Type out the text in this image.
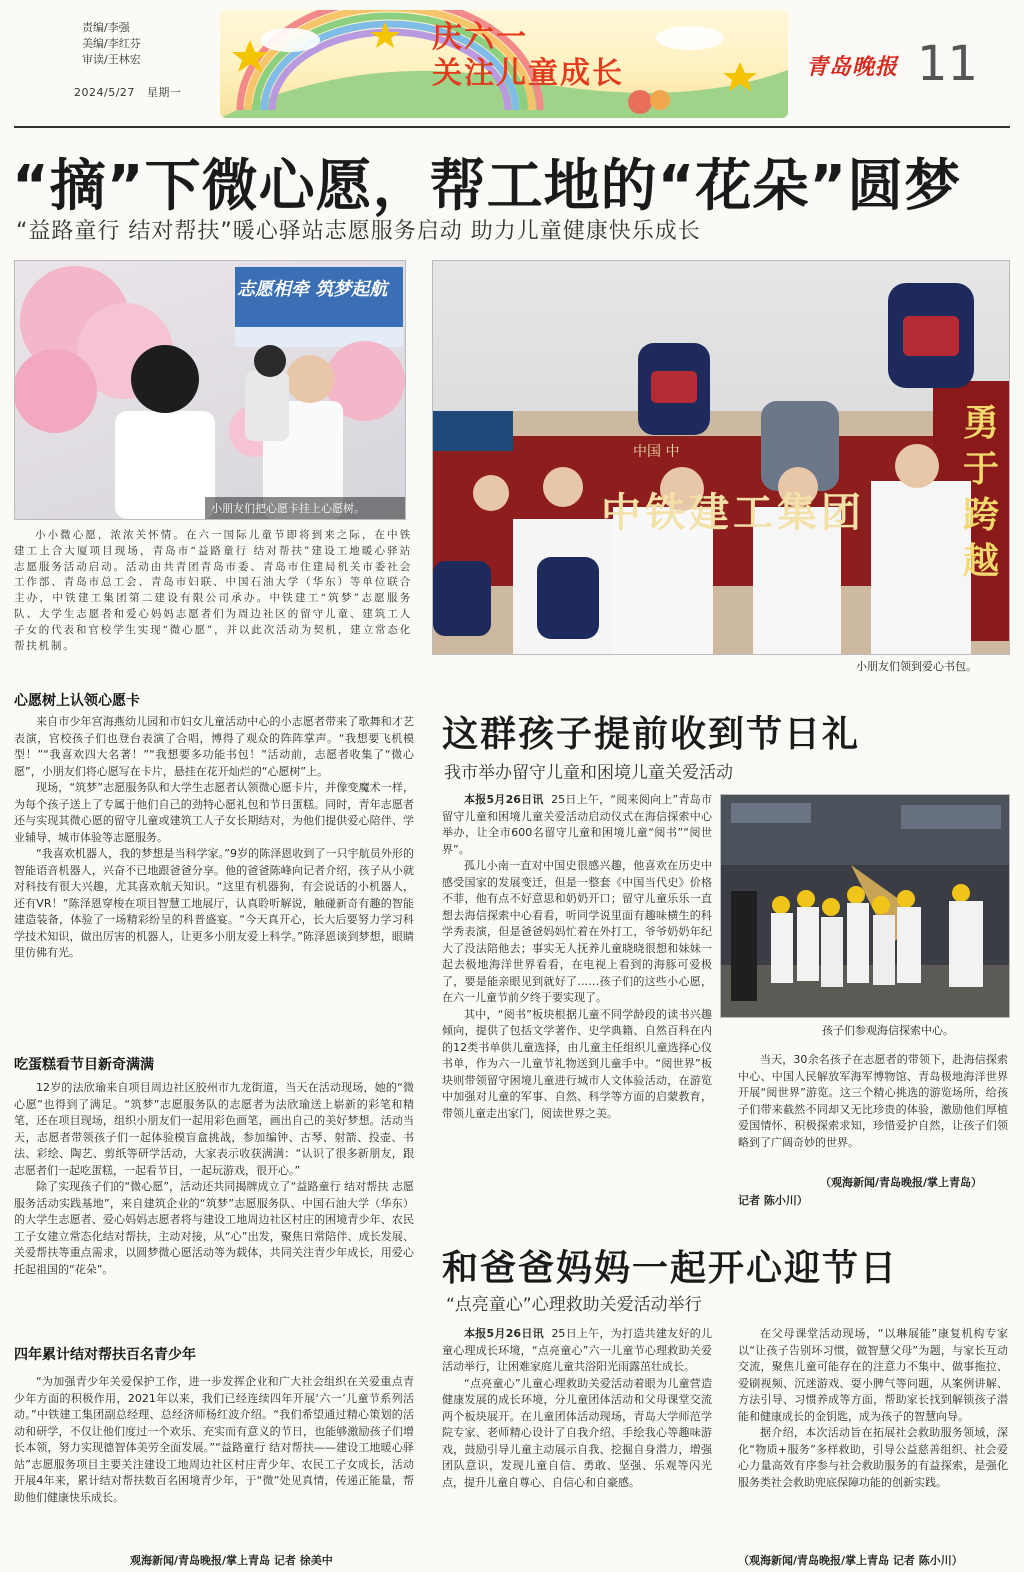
责编/李强
美编/李红芬
审读/王林宏
2024/5/27 星期一
庆六一
关注儿童成长	青岛晚报 11
“摘”下微心愿，帮工地的“花朵”圆梦
“益路童行 结对帮扶”暖心驿站志愿服务启动 助力儿童健康快乐成长
志愿相牵 筑梦起航
小朋友们把心愿卡挂上心愿树。	中铁建工集团
勇于跨越
中国 中
小朋友们领到爱心书包。

小小微心愿，浓浓关怀情。在六一国际儿童节即将到来之际，在中铁建工上合大厦项目现场，青岛市“益路童行 结对帮扶”建设工地暖心驿站志愿服务活动启动。活动由共青团青岛市委、青岛市住建局机关市委社会工作部、青岛市总工会、青岛市妇联、中国石油大学（华东）等单位联合主办，中铁建工集团第二建设有限公司承办。中铁建工“筑梦”志愿服务队、大学生志愿者和爱心妈妈志愿者们为周边社区的留守儿童、建筑工人子女的代表和官校学生实现“微心愿”，并以此次活动为契机，建立常态化帮扶机制。

心愿树上认领心愿卡

来自市少年宫海燕幼儿园和市妇女儿童活动中心的小志愿者带来了歌舞和才艺表演，官校孩子们也登台表演了合唱，博得了观众的阵阵掌声。“我想要飞机模型！”“我喜欢四大名著！”“我想要多功能书包！”活动前，志愿者收集了“微心愿”，小朋友们将心愿写在卡片，悬挂在花开灿烂的“心愿树”上。

现场，“筑梦”志愿服务队和大学生志愿者认领微心愿卡片，并像变魔术一样，为每个孩子送上了专属于他们自己的劲特心愿礼包和节日蛋糕。同时，青年志愿者还与实现其微心愿的留守儿童或建筑工人子女长期结对，为他们提供爱心陪伴、学业辅导、城市体验等志愿服务。

“我喜欢机器人，我的梦想是当科学家。”9岁的陈泽恩收到了一只宇航员外形的智能语音机器人，兴奋不已地跟爸爸分享。他的爸爸陈峰向记者介绍，孩子从小就对科技有很大兴趣，尤其喜欢航天知识。“这里有机器狗，有会说话的小机器人，还有VR！”陈泽恩穿梭在项目智慧工地展厅，认真聆听解说，触碰新奇有趣的智能建造装备，体验了一场精彩纷呈的科普盛宴。“今天真开心，长大后要努力学习科学技术知识，做出厉害的机器人，让更多小朋友爱上科学。”陈泽恩谈到梦想，眼睛里仿佛有光。

吃蛋糕看节目新奇满满

12岁的法欣瑜来自项目周边社区胶州市九龙街道，当天在活动现场，她的“微心愿”也得到了满足。“筑梦”志愿服务队的志愿者为法欣瑜送上崭新的彩笔和精笔，还在项目现场，组织小朋友们一起用彩色画笔，画出自己的美好梦想。活动当天，志愿者带领孩子们一起体验模盲盒挑战，参加编钟、古琴、射箭、投壶、书法、彩绘、陶艺、剪纸等研学活动，大家表示收获满满：“认识了很多新朋友，跟志愿者们一起吃蛋糕，一起看节目，一起玩游戏，很开心。”

除了实现孩子们的“微心愿”，活动还共同揭牌成立了“益路童行 结对帮扶 志愿服务活动实践基地”，来自建筑企业的“筑梦”志愿服务队、中国石油大学（华东）的大学生志愿者、爱心妈妈志愿者将与建设工地周边社区村庄的困境青少年、农民工子女建立常态化结对帮扶，主动对接，从“心”出发，聚焦日常陪伴、成长发展、关爱帮扶等重点需求，以圆梦微心愿活动等为载体，共同关注青少年成长，用爱心托起祖国的“花朵”。

四年累计结对帮扶百名青少年

“为加强青少年关爱保护工作，进一步发挥企业和广大社会组织在关爱重点青少年方面的积极作用，2021年以来，我们已经连续四年开展‘六一’儿童节系列活动。”中铁建工集团副总经理、总经济师杨红波介绍。“我们希望通过精心策划的活动和研学，不仅让他们度过一个欢乐、充实而有意义的节日，也能够激励孩子们增长本领，努力实现德智体美劳全面发展。”“益路童行 结对帮扶——建设工地暖心驿站”志愿服务项目主要关注建设工地周边社区村庄青少年、农民工子女成长，活动开展4年来，累计结对帮扶数百名困境青少年，于“微”处见真情，传递正能量，帮助他们健康快乐成长。

观海新闻/青岛晚报/掌上青岛 记者 徐美中
这群孩子提前收到节日礼
我市举办留守儿童和困境儿童关爱活动

本报5月26日讯 25日上午，“阅来阅向上”青岛市留守儿童和困境儿童关爱活动启动仪式在海信探索中心举办，让全市600名留守儿童和困境儿童“阅书”“阅世界”。

孤儿小南一直对中国史很感兴趣，他喜欢在历史中感受国家的发展变迁，但是一整套《中国当代史》价格不菲，他有点不好意思和奶奶开口；留守儿童乐乐一直想去海信探索中心看看，听同学说里面有趣味横生的科学秀表演，但是爸爸妈妈忙着在外打工，爷爷奶奶年纪大了没法陪他去；事实无人抚养儿童晓晓很想和妹妹一起去极地海洋世界看看，在电视上看到的海豚可爱极了，要是能亲眼见到就好了……孩子们的这些小心愿，在六一儿童节前夕终于要实现了。

其中，“阅书”板块根据儿童不同学龄段的读书兴趣倾向，提供了包括文学著作、史学典籍、自然百科在内的12类书单供儿童选择，由儿童主任组织儿童选择心仪书单，作为六一儿童节礼物送到儿童手中。“阅世界”板块则带领留守困境儿童进行城市人文体验活动，在游览中加强对儿童的军事、自然、科学等方面的启蒙教育，带领儿童走出家门，阅读世界之美。

孩子们参观海信探索中心。

当天，30余名孩子在志愿者的带领下，赴海信探索中心、中国人民解放军海军博物馆、青岛极地海洋世界开展“阅世界”游览。这三个精心挑选的游览场所，给孩子们带来截然不同却又无比珍贵的体验，激励他们厚植爱国情怀、积极探索求知，珍惜爱护自然，让孩子们领略到了广阔奇妙的世界。

（观海新闻/青岛晚报/掌上青岛）
记者 陈小川）
和爸爸妈妈一起开心迎节日
“点亮童心”心理救助关爱活动举行

本报5月26日讯 25日上午，为打造共建友好的儿童心理成长环境，“点亮童心”六一儿童节心理救助关爱活动举行，让困难家庭儿童共浴阳光雨露茁壮成长。

“点亮童心”儿童心理救助关爱活动着眼为儿童营造健康发展的成长环境，分儿童团体活动和父母课堂交流两个板块展开。在儿童团体活动现场，青岛大学师范学院专家、老师精心设计了自我介绍、手绘我心等趣味游戏，鼓励引导儿童主动展示自我、挖掘自身潜力，增强团队意识，发现儿童自信、勇敢、坚强、乐观等闪光点，提升儿童自尊心、自信心和自豪感。

在父母课堂活动现场，“以琳展能”康复机构专家以“让孩子告别坏习惯，做智慧父母”为题，与家长互动交流，聚焦儿童可能存在的注意力不集中、做事拖拉、爱刷视频、沉迷游戏、耍小脾气等问题，从案例讲解、方法引导、习惯养成等方面，帮助家长找到解锁孩子潜能和健康成长的金钥匙，成为孩子的智慧向导。

据介绍，本次活动旨在拓展社会救助服务领域，深化“物质+服务”多样救助，引导公益慈善组织、社会爱心力量高效有序参与社会救助服务的有益探索，是强化服务类社会救助兜底保障功能的创新实践。

（观海新闻/青岛晚报/掌上青岛 记者 陈小川）
